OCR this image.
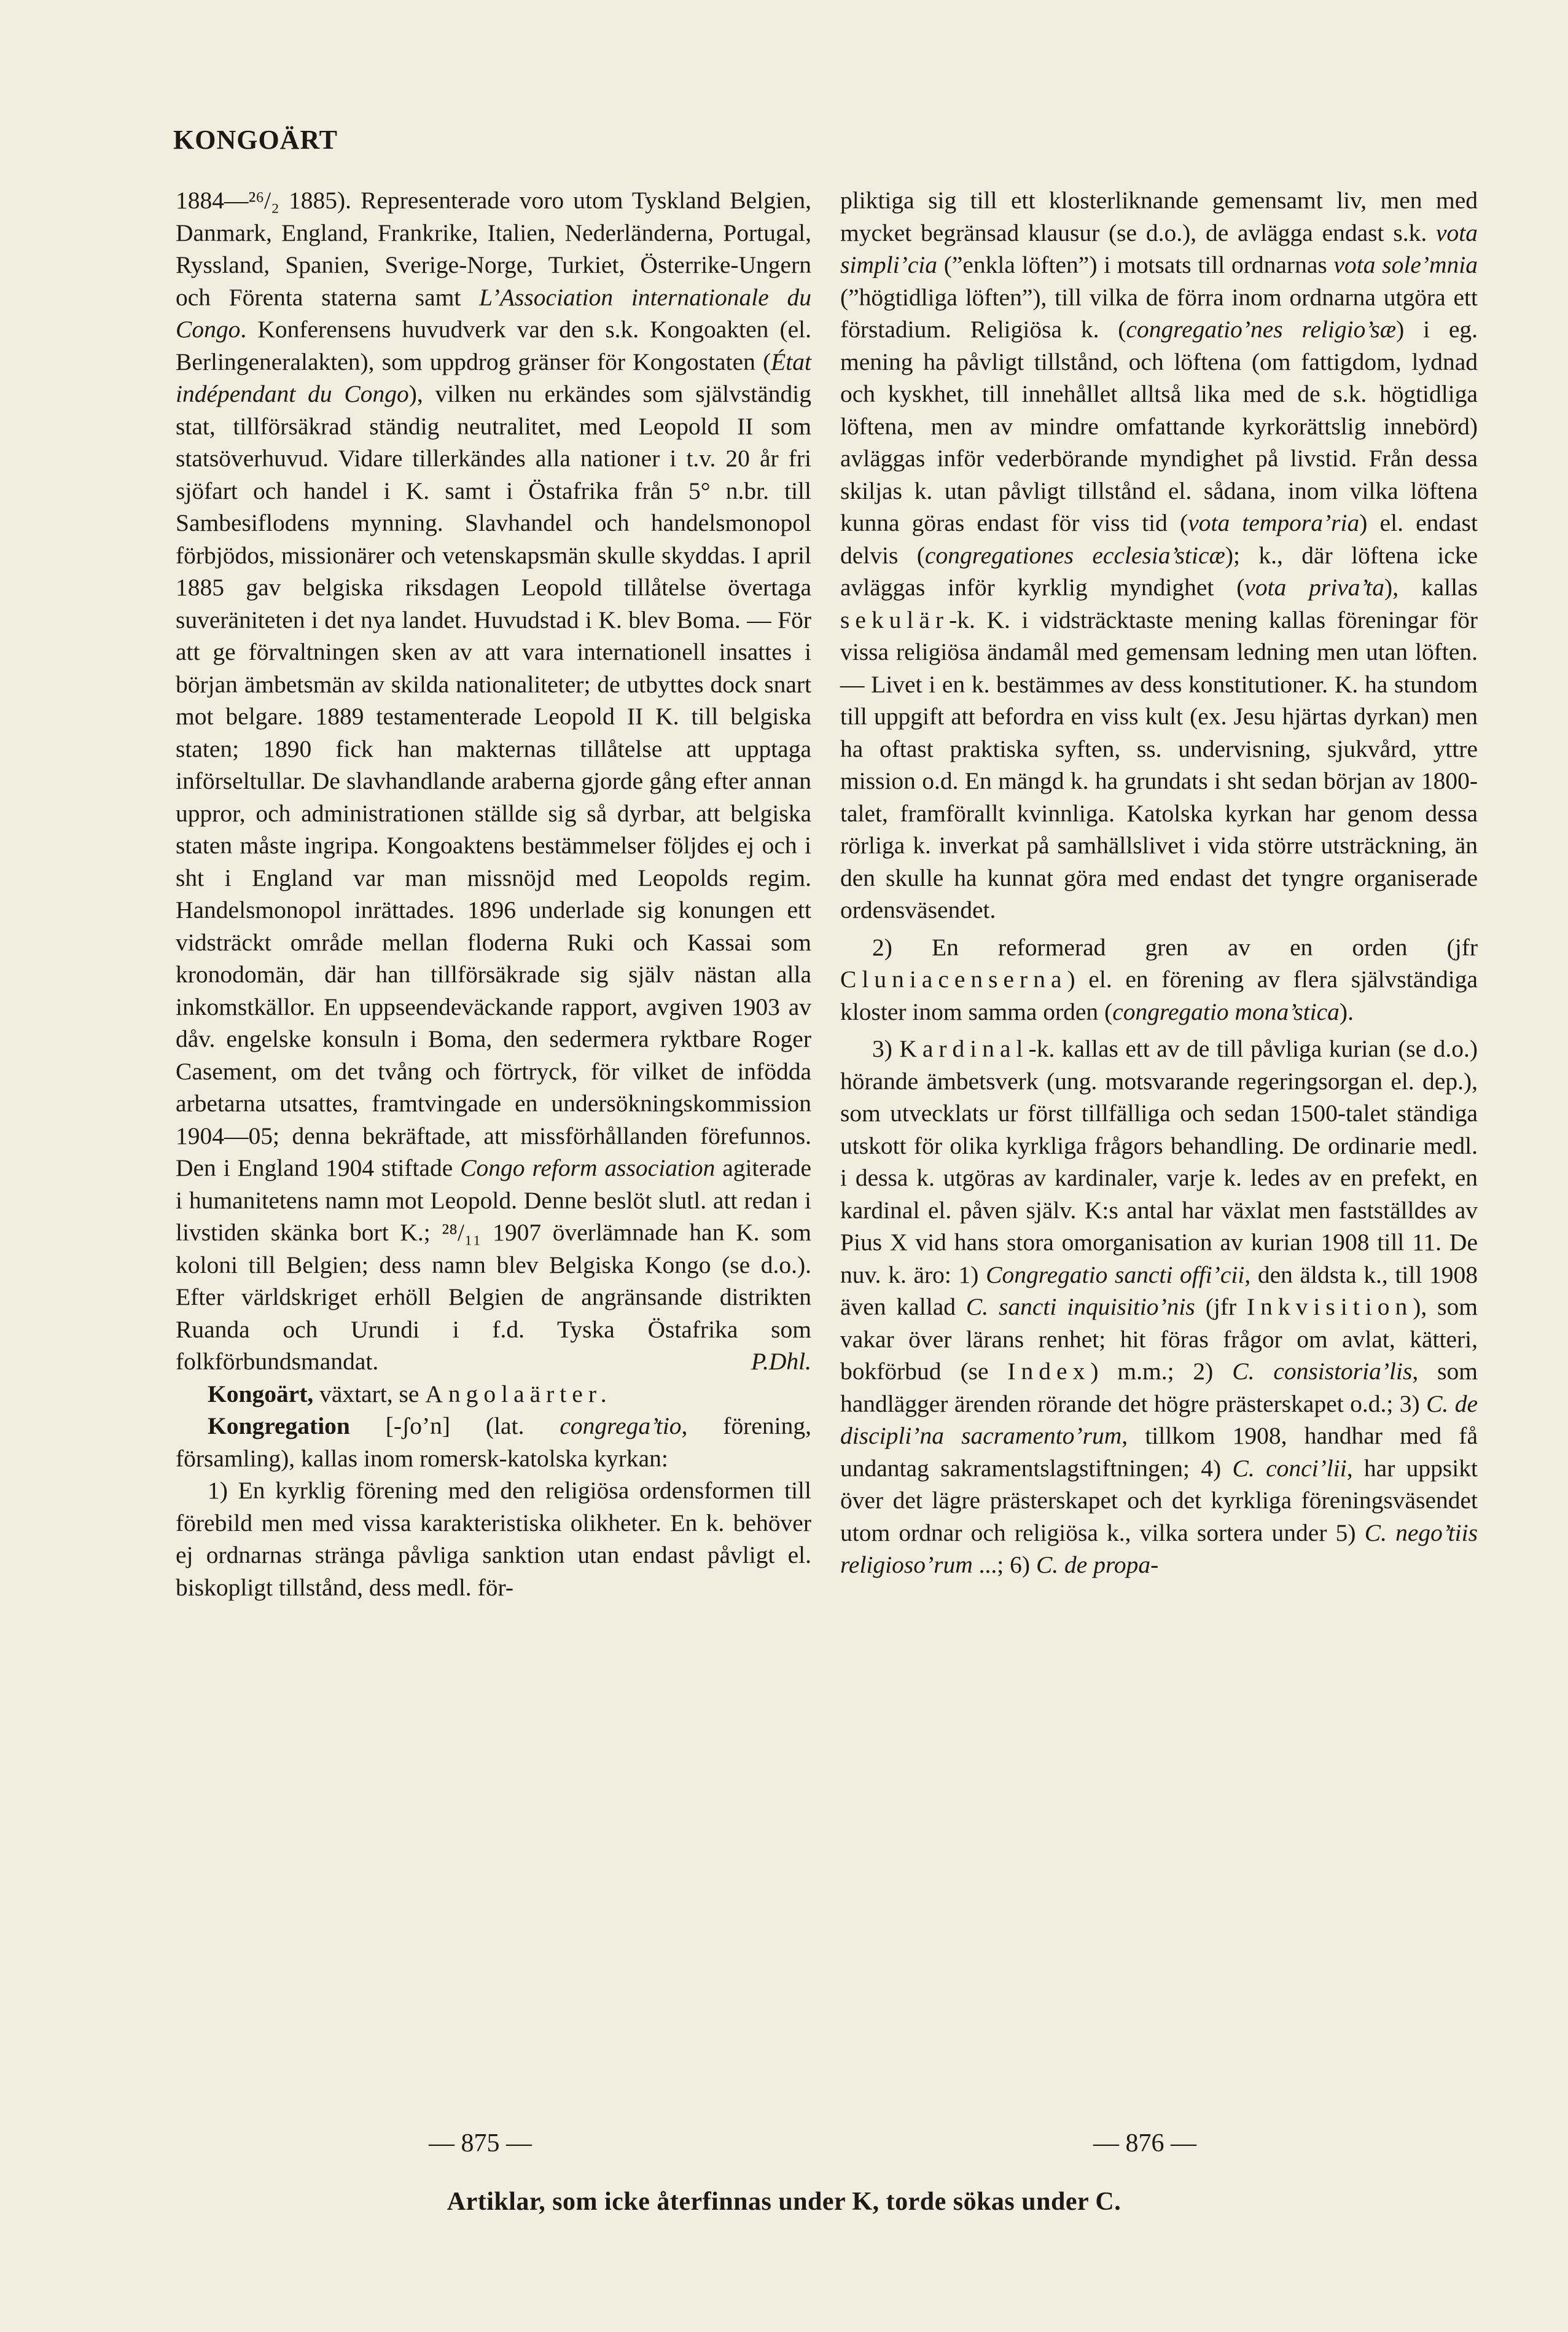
KONGOÄRT

1884—²⁶/₂ 1885). Representerade voro utom Tyskland Belgien, Danmark, England, Frankrike, Italien, Nederländerna, Portugal, Ryssland, Spanien, Sverige-Norge, Turkiet, Österrike-Ungern och Förenta staterna samt L’Association internationale du Congo. Konferensens huvudverk var den s.k. Kongoakten (el. Berlingeneralakten), som uppdrog gränser för Kongostaten (État indépendant du Congo), vilken nu erkändes som självständig stat, tillförsäkrad ständig neutralitet, med Leopold II som statsöverhuvud. Vidare tillerkändes alla nationer i t.v. 20 år fri sjöfart och handel i K. samt i Östafrika från 5° n.br. till Sambesiflodens mynning. Slavhandel och handelsmonopol förbjödos, missionärer och vetenskapsmän skulle skyddas. I april 1885 gav belgiska riksdagen Leopold tillåtelse övertaga suveräniteten i det nya landet. Huvudstad i K. blev Boma. — För att ge förvaltningen sken av att vara internationell insattes i början ämbetsmän av skilda nationaliteter; de utbyttes dock snart mot belgare. 1889 testamenterade Leopold II K. till belgiska staten; 1890 fick han makternas tillåtelse att upptaga införseltullar. De slavhandlande araberna gjorde gång efter annan uppror, och administrationen ställde sig så dyrbar, att belgiska staten måste ingripa. Kongoaktens bestämmelser följdes ej och i sht i England var man missnöjd med Leopolds regim. Handelsmonopol inrättades. 1896 underlade sig konungen ett vidsträckt område mellan floderna Ruki och Kassai som kronodomän, där han tillförsäkrade sig själv nästan alla inkomstkällor. En uppseendeväckande rapport, avgiven 1903 av dåv. engelske konsuln i Boma, den sedermera ryktbare Roger Casement, om det tvång och förtryck, för vilket de infödda arbetarna utsattes, framtvingade en undersökningskommission 1904—05; denna bekräftade, att missförhållanden förefunnos. Den i England 1904 stiftade Congo reform association agiterade i humanitetens namn mot Leopold. Denne beslöt slutl. att redan i livstiden skänka bort K.; ²⁸/₁₁ 1907 överlämnade han K. som koloni till Belgien; dess namn blev Belgiska Kongo (se d.o.). Efter världskriget erhöll Belgien de angränsande distrikten Ruanda och Urundi i f.d. Tyska Östafrika som folkförbundsmandat.	P.Dhl.

Kongoärt, växtart, se Angolaärter.

Kongregation [-ʃo’n] (lat. congrega’tio, förening, församling), kallas inom romersk-katolska kyrkan:

1) En kyrklig förening med den religiösa ordensformen till förebild men med vissa karakteristiska olikheter. En k. behöver ej ordnarnas stränga påvliga sanktion utan endast påvligt el. biskopligt tillstånd, dess medl. för-

pliktiga sig till ett klosterliknande gemensamt liv, men med mycket begränsad klausur (se d.o.), de avlägga endast s.k. vota simpli’cia (”enkla löften”) i motsats till ordnarnas vota sole’mnia (”högtidliga löften”), till vilka de förra inom ordnarna utgöra ett förstadium. Religiösa k. (congregatio’nes religio’sæ) i eg. mening ha påvligt tillstånd, och löftena (om fattigdom, lydnad och kyskhet, till innehållet alltså lika med de s.k. högtidliga löftena, men av mindre omfattande kyrkorättslig innebörd) avläggas inför vederbörande myndighet på livstid. Från dessa skiljas k. utan påvligt tillstånd el. sådana, inom vilka löftena kunna göras endast för viss tid (vota tempora’ria) el. endast delvis (congregationes ecclesia’sticæ); k., där löftena icke avläggas inför kyrklig myndighet (vota priva’ta), kallas sekulär-k. K. i vidsträcktaste mening kallas föreningar för vissa religiösa ändamål med gemensam ledning men utan löften. — Livet i en k. bestämmes av dess konstitutioner. K. ha stundom till uppgift att befordra en viss kult (ex. Jesu hjärtas dyrkan) men ha oftast praktiska syften, ss. undervisning, sjukvård, yttre mission o.d. En mängd k. ha grundats i sht sedan början av 1800-talet, framförallt kvinnliga. Katolska kyrkan har genom dessa rörliga k. inverkat på samhällslivet i vida större utsträckning, än den skulle ha kunnat göra med endast det tyngre organiserade ordensväsendet.

2) En reformerad gren av en orden (jfr Cluniacenserna) el. en förening av flera självständiga kloster inom samma orden (congregatio mona’stica).

3) Kardinal-k. kallas ett av de till påvliga kurian (se d.o.) hörande ämbetsverk (ung. motsvarande regeringsorgan el. dep.), som utvecklats ur först tillfälliga och sedan 1500-talet ständiga utskott för olika kyrkliga frågors behandling. De ordinarie medl. i dessa k. utgöras av kardinaler, varje k. ledes av en prefekt, en kardinal el. påven själv. K:s antal har växlat men fastställdes av Pius X vid hans stora omorganisation av kurian 1908 till 11. De nuv. k. äro: 1) Congregatio sancti offi’cii, den äldsta k., till 1908 även kallad C. sancti inquisitio’nis (jfr Inkvisition), som vakar över lärans renhet; hit föras frågor om avlat, kätteri, bokförbud (se Index) m.m.; 2) C. consistoria’lis, som handlägger ärenden rörande det högre prästerskapet o.d.; 3) C. de discipli’na sacramento’rum, tillkom 1908, handhar med få undantag sakramentslagstiftningen; 4) C. conci’lii, har uppsikt över det lägre prästerskapet och det kyrkliga föreningsväsendet utom ordnar och religiösa k., vilka sortera under 5) C. nego’tiis religioso’rum ...; 6) C. de propa-

— 875 —	— 876 —
Artiklar, som icke återfinnas under K, torde sökas under C.
